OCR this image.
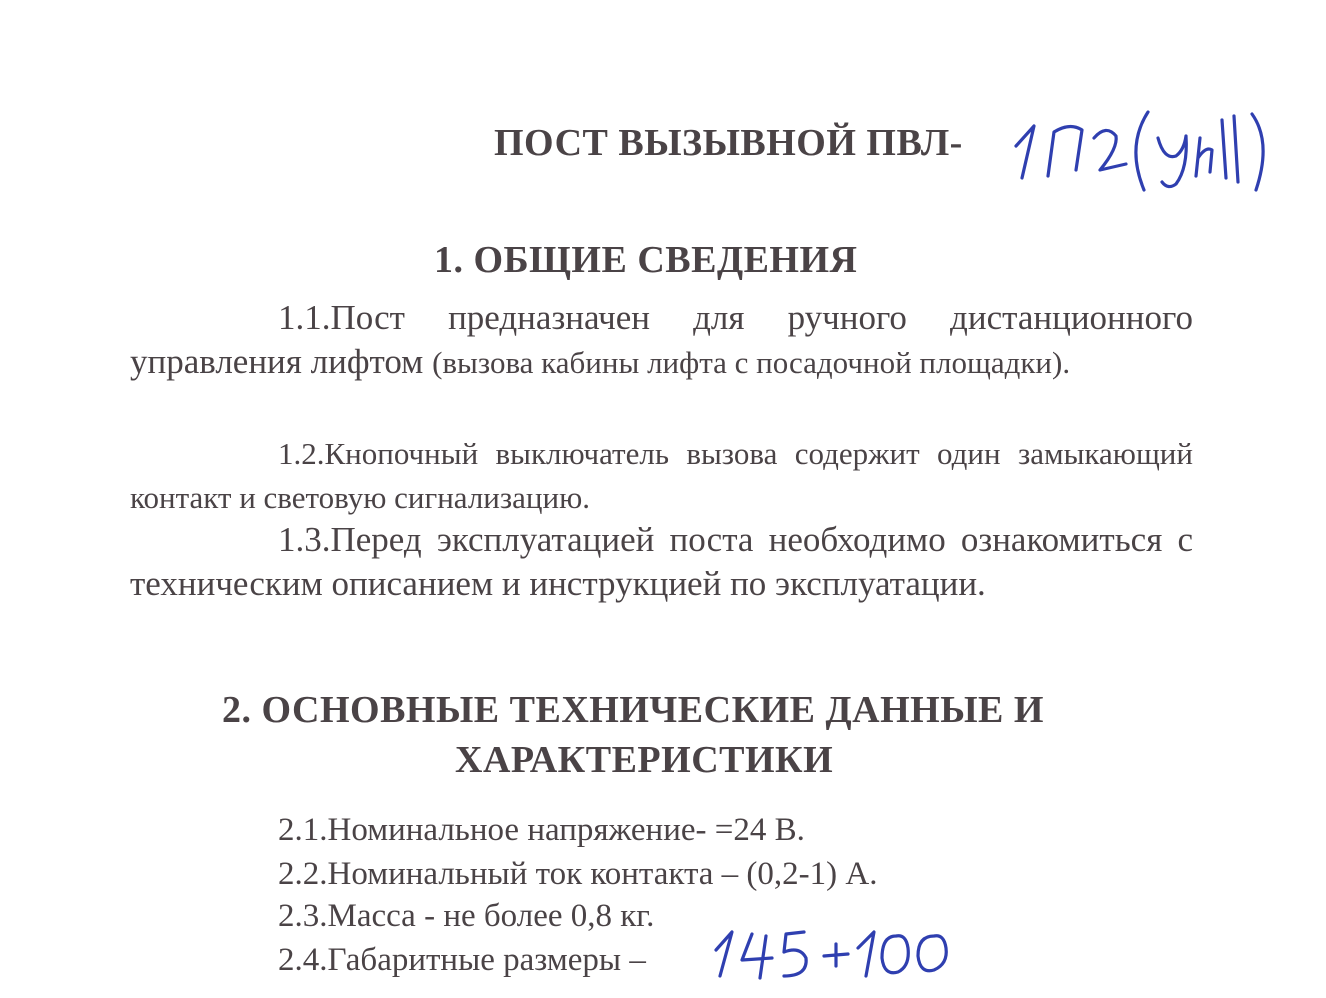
ПОСТ ВЫЗЫВНОЙ ПВЛ-
1. ОБЩИЕ СВЕДЕНИЯ
1.1.Пост предназначен для ручного дистанционного управления лифтом (вызова кабины лифта с посадочной площадки).
1.2.Кнопочный выключатель вызова содержит один замыкающий контакт и световую сигнализацию.
1.3.Перед эксплуатацией поста необходимо ознакомиться с техническим описанием и инструкцией по эксплуатации.
2. ОСНОВНЫЕ ТЕХНИЧЕСКИЕ ДАННЫЕ И
ХАРАКТЕРИСТИКИ
2.1.Номинальное напряжение- =24 В.
2.2.Номинальный ток контакта – (0,2-1) А.
2.3.Масса - не более 0,8 кг.
2.4.Габаритные размеры –
